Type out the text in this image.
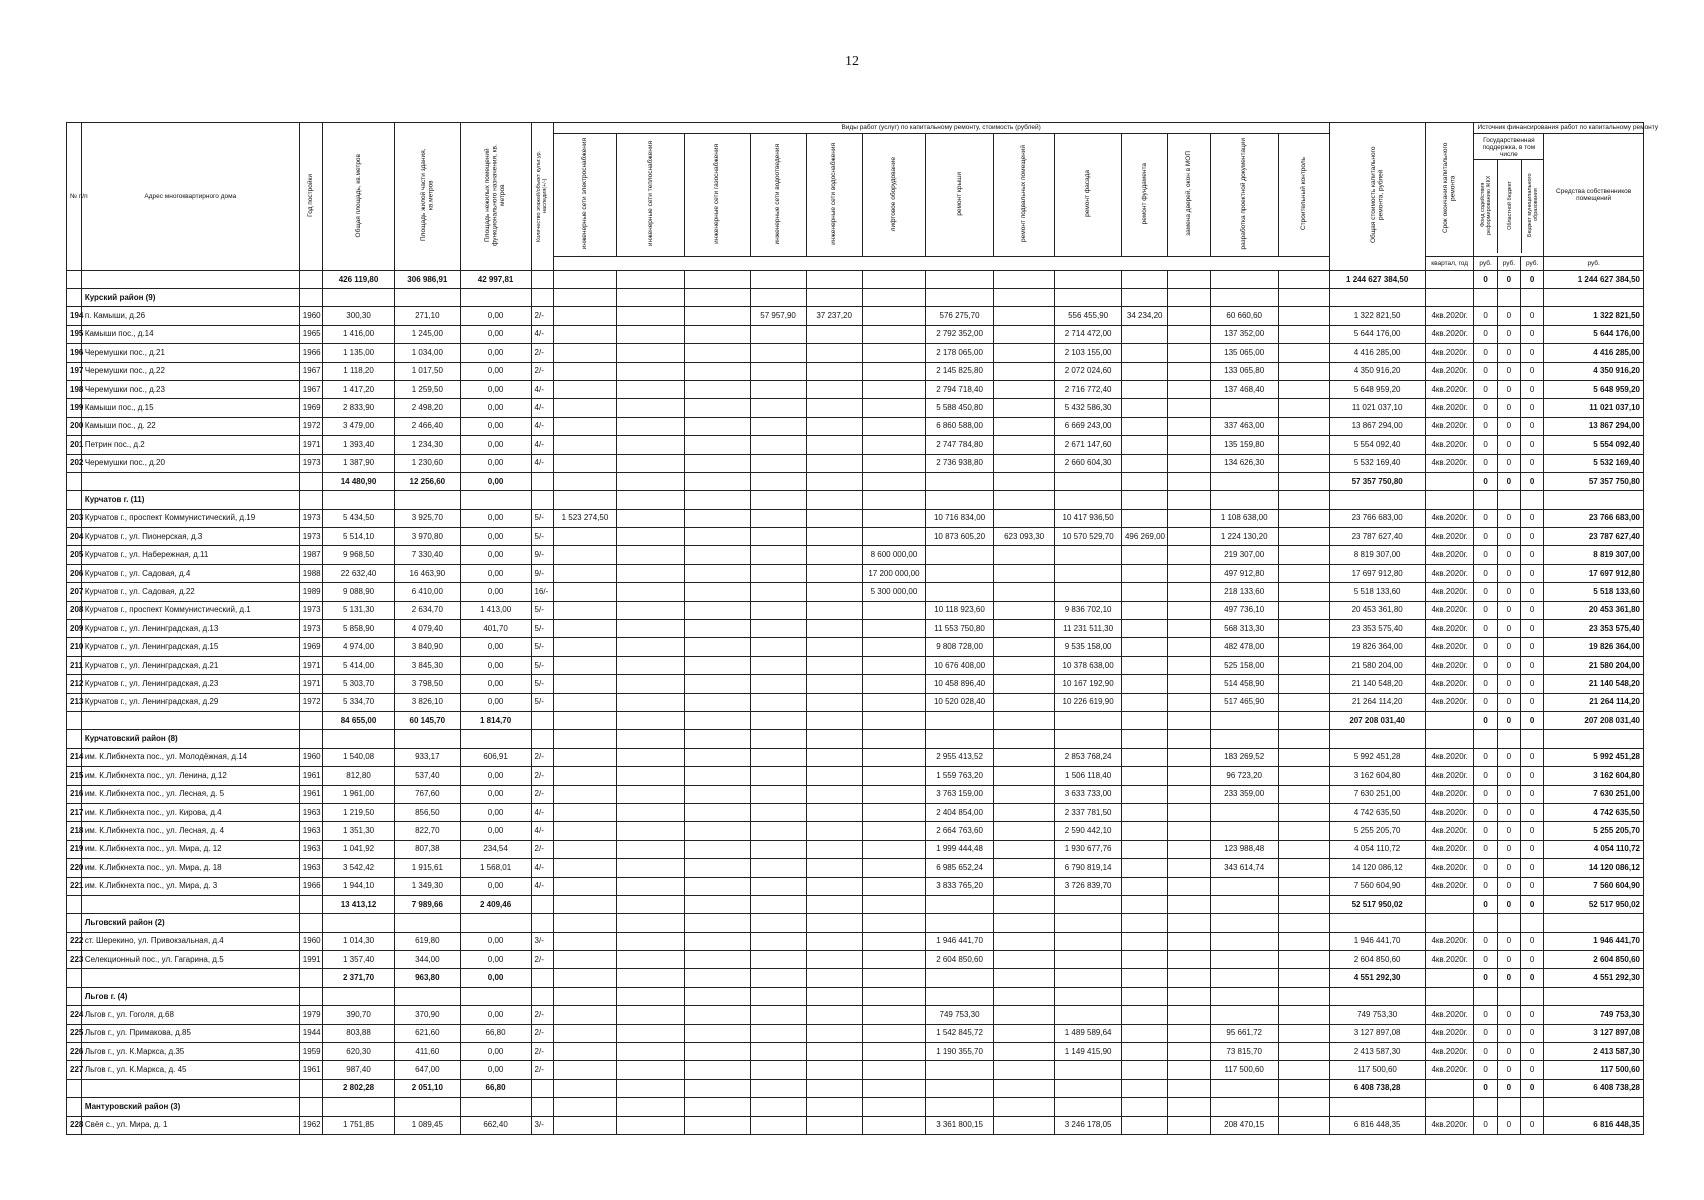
12
№ п/п	Адрес многоквартирного дома	Год постройки	Общая площадь, кв.метров	Площадь жилой части здания, кв.метров	Площадь нежилых помещений функционального назначения, кв. метров	Количество этажей/объект культ.ур. наследия(+/-)	Виды работ (услуг) по капитальному ремонту, стоимость (рублей)	Общая стоимость капитального ремонта, рублей	Срок окончания капитального ремонта	Источник финансирования работ по капитальному ремонту
инженерные сети электроснабжения	инженерные сети теплоснабжения	инженерные сети газоснабжения	инженерные сети водоотведения	инженерные сети водоснабжения	лифтовое оборудование	ремонт крыши	ремонт подвальных помещений	ремонт фасада	ремонт фундамента	замена дверей, окон в МОП	разработка проектной документации	Строительный контроль	
Государственная поддержка, в том числе
Фонд содействия реформированию ЖКХ	Областной бюджет	Бюджет муниципального образования
		Средства собственников помещений
	квартал, год	руб.	руб.	руб.	руб.
			426 119,80	306 986,91	42 997,81															1 244 627 384,50		0	0	0	1 244 627 384,50
	Курский район (9)																								
194	п. Камыши, д.26	1960	300,30	271,10	0,00	2/-				57 957,90	37 237,20		576 275,70		556 455,90	34 234,20		60 660,60		1 322 821,50	4кв.2020г.	0	0	0	1 322 821,50
195	Камыши пос., д.14	1965	1 416,00	1 245,00	0,00	4/-							2 792 352,00		2 714 472,00			137 352,00		5 644 176,00	4кв.2020г.	0	0	0	5 644 176,00
196	Черемушки пос., д.21	1966	1 135,00	1 034,00	0,00	2/-							2 178 065,00		2 103 155,00			135 065,00		4 416 285,00	4кв.2020г.	0	0	0	4 416 285,00
197	Черемушки пос., д.22	1967	1 118,20	1 017,50	0,00	2/-							2 145 825,80		2 072 024,60			133 065,80		4 350 916,20	4кв.2020г.	0	0	0	4 350 916,20
198	Черемушки пос., д.23	1967	1 417,20	1 259,50	0,00	4/-							2 794 718,40		2 716 772,40			137 468,40		5 648 959,20	4кв.2020г.	0	0	0	5 648 959,20
199	Камыши пос., д.15	1969	2 833,90	2 498,20	0,00	4/-							5 588 450,80		5 432 586,30					11 021 037,10	4кв.2020г.	0	0	0	11 021 037,10
200	Камыши пос., д. 22	1972	3 479,00	2 466,40	0,00	4/-							6 860 588,00		6 669 243,00			337 463,00		13 867 294,00	4кв.2020г.	0	0	0	13 867 294,00
201	Петрин пос., д.2	1971	1 393,40	1 234,30	0,00	4/-							2 747 784,80		2 671 147,60			135 159,80		5 554 092,40	4кв.2020г.	0	0	0	5 554 092,40
202	Черемушки пос., д.20	1973	1 387,90	1 230,60	0,00	4/-							2 736 938,80		2 660 604,30			134 626,30		5 532 169,40	4кв.2020г.	0	0	0	5 532 169,40
			14 480,90	12 256,60	0,00															57 357 750,80		0	0	0	57 357 750,80
	Курчатов г. (11)																								
203	Курчатов г., проспект Коммунистический, д.19	1973	5 434,50	3 925,70	0,00	5/-	1 523 274,50						10 716 834,00		10 417 936,50			1 108 638,00		23 766 683,00	4кв.2020г.	0	0	0	23 766 683,00
204	Курчатов г., ул. Пионерская, д.3	1973	5 514,10	3 970,80	0,00	5/-							10 873 605,20	623 093,30	10 570 529,70	496 269,00		1 224 130,20		23 787 627,40	4кв.2020г.	0	0	0	23 787 627,40
205	Курчатов г., ул. Набережная, д.11	1987	9 968,50	7 330,40	0,00	9/-						8 600 000,00						219 307,00		8 819 307,00	4кв.2020г.	0	0	0	8 819 307,00
206	Курчатов г., ул. Садовая, д.4	1988	22 632,40	16 463,90	0,00	9/-						17 200 000,00						497 912,80		17 697 912,80	4кв.2020г.	0	0	0	17 697 912,80
207	Курчатов г., ул. Садовая, д.22	1989	9 088,90	6 410,00	0,00	16/-						5 300 000,00						218 133,60		5 518 133,60	4кв.2020г.	0	0	0	5 518 133,60
208	Курчатов г., проспект Коммунистический, д.1	1973	5 131,30	2 634,70	1 413,00	5/-							10 118 923,60		9 836 702,10			497 736,10		20 453 361,80	4кв.2020г.	0	0	0	20 453 361,80
209	Курчатов г., ул. Ленинградская, д.13	1973	5 858,90	4 079,40	401,70	5/-							11 553 750,80		11 231 511,30			568 313,30		23 353 575,40	4кв.2020г.	0	0	0	23 353 575,40
210	Курчатов г., ул. Ленинградская, д.15	1969	4 974,00	3 840,90	0,00	5/-							9 808 728,00		9 535 158,00			482 478,00		19 826 364,00	4кв.2020г.	0	0	0	19 826 364,00
211	Курчатов г., ул. Ленинградская, д.21	1971	5 414,00	3 845,30	0,00	5/-							10 676 408,00		10 378 638,00			525 158,00		21 580 204,00	4кв.2020г.	0	0	0	21 580 204,00
212	Курчатов г., ул. Ленинградская, д.23	1971	5 303,70	3 798,50	0,00	5/-							10 458 896,40		10 167 192,90			514 458,90		21 140 548,20	4кв.2020г.	0	0	0	21 140 548,20
213	Курчатов г., ул. Ленинградская, д.29	1972	5 334,70	3 826,10	0,00	5/-							10 520 028,40		10 226 619,90			517 465,90		21 264 114,20	4кв.2020г.	0	0	0	21 264 114,20
			84 655,00	60 145,70	1 814,70															207 208 031,40		0	0	0	207 208 031,40
	Курчатовский район (8)																								
214	им. К.Либкнехта пос., ул. Молодёжная, д.14	1960	1 540,08	933,17	606,91	2/-							2 955 413,52		2 853 768,24			183 269,52		5 992 451,28	4кв.2020г.	0	0	0	5 992 451,28
215	им. К.Либкнехта пос., ул. Ленина, д.12	1961	812,80	537,40	0,00	2/-							1 559 763,20		1 506 118,40			96 723,20		3 162 604,80	4кв.2020г.	0	0	0	3 162 604,80
216	им. К.Либкнехта пос., ул. Лесная, д. 5	1961	1 961,00	767,60	0,00	2/-							3 763 159,00		3 633 733,00			233 359,00		7 630 251,00	4кв.2020г.	0	0	0	7 630 251,00
217	им. К.Либкнехта пос., ул. Кирова, д.4	1963	1 219,50	856,50	0,00	4/-							2 404 854,00		2 337 781,50					4 742 635,50	4кв.2020г.	0	0	0	4 742 635,50
218	им. К.Либкнехта пос., ул. Лесная, д. 4	1963	1 351,30	822,70	0,00	4/-							2 664 763,60		2 590 442,10					5 255 205,70	4кв.2020г.	0	0	0	5 255 205,70
219	им. К.Либкнехта пос., ул. Мира, д. 12	1963	1 041,92	807,38	234,54	2/-							1 999 444,48		1 930 677,76			123 988,48		4 054 110,72	4кв.2020г.	0	0	0	4 054 110,72
220	им. К.Либкнехта пос., ул. Мира, д. 18	1963	3 542,42	1 915,61	1 568,01	4/-							6 985 652,24		6 790 819,14			343 614,74		14 120 086,12	4кв.2020г.	0	0	0	14 120 086,12
221	им. К.Либкнехта пос., ул. Мира, д. 3	1966	1 944,10	1 349,30	0,00	4/-							3 833 765,20		3 726 839,70					7 560 604,90	4кв.2020г.	0	0	0	7 560 604,90
			13 413,12	7 989,66	2 409,46															52 517 950,02		0	0	0	52 517 950,02
	Льговский район (2)																								
222	ст. Шерекино, ул. Привокзальная, д.4	1960	1 014,30	619,80	0,00	3/-							1 946 441,70							1 946 441,70	4кв.2020г.	0	0	0	1 946 441,70
223	Селекционный пос., ул. Гагарина, д.5	1991	1 357,40	344,00	0,00	2/-							2 604 850,60							2 604 850,60	4кв.2020г.	0	0	0	2 604 850,60
			2 371,70	963,80	0,00															4 551 292,30		0	0	0	4 551 292,30
	Льгов г. (4)																								
224	Льгов г., ул. Гоголя, д.68	1979	390,70	370,90	0,00	2/-							749 753,30							749 753,30	4кв.2020г.	0	0	0	749 753,30
225	Льгов г., ул. Примакова, д.85	1944	803,88	621,60	66,80	2/-							1 542 845,72		1 489 589,64			95 661,72		3 127 897,08	4кв.2020г.	0	0	0	3 127 897,08
226	Льгов г., ул. К.Маркса, д.35	1959	620,30	411,60	0,00	2/-							1 190 355,70		1 149 415,90			73 815,70		2 413 587,30	4кв.2020г.	0	0	0	2 413 587,30
227	Льгов г., ул. К.Маркса, д. 45	1961	987,40	647,00	0,00	2/-												117 500,60		117 500,60	4кв.2020г.	0	0	0	117 500,60
			2 802,28	2 051,10	66,80															6 408 738,28		0	0	0	6 408 738,28
	Мантуровский район (3)																								
228	Свёя с., ул. Мира, д. 1	1962	1 751,85	1 089,45	662,40	3/-							3 361 800,15		3 246 178,05			208 470,15		6 816 448,35	4кв.2020г.	0	0	0	6 816 448,35
